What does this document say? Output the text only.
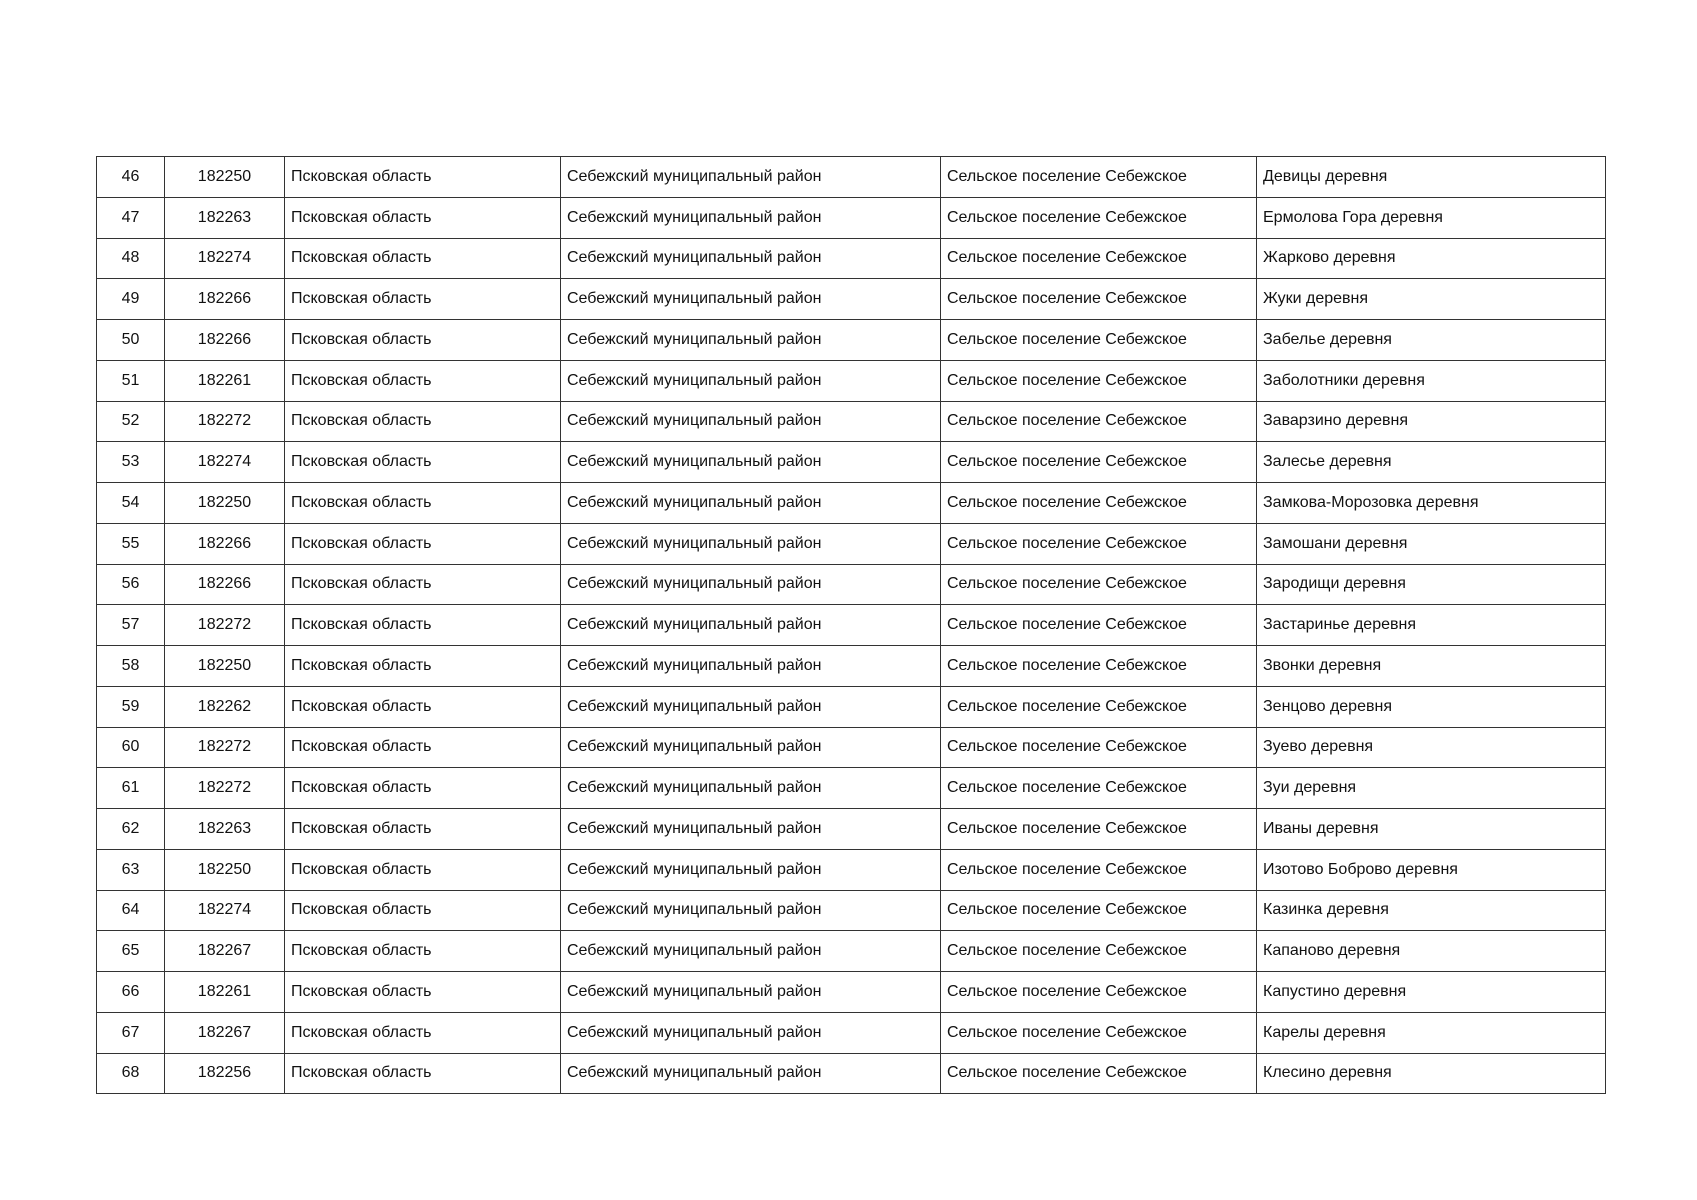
46	182250	Псковская область	Себежский муниципальный район	Сельское поселение Себежское	Девицы деревня
47	182263	Псковская область	Себежский муниципальный район	Сельское поселение Себежское	Ермолова Гора деревня
48	182274	Псковская область	Себежский муниципальный район	Сельское поселение Себежское	Жарково деревня
49	182266	Псковская область	Себежский муниципальный район	Сельское поселение Себежское	Жуки деревня
50	182266	Псковская область	Себежский муниципальный район	Сельское поселение Себежское	Забелье деревня
51	182261	Псковская область	Себежский муниципальный район	Сельское поселение Себежское	Заболотники деревня
52	182272	Псковская область	Себежский муниципальный район	Сельское поселение Себежское	Заварзино деревня
53	182274	Псковская область	Себежский муниципальный район	Сельское поселение Себежское	Залесье деревня
54	182250	Псковская область	Себежский муниципальный район	Сельское поселение Себежское	Замкова-Морозовка деревня
55	182266	Псковская область	Себежский муниципальный район	Сельское поселение Себежское	Замошани деревня
56	182266	Псковская область	Себежский муниципальный район	Сельское поселение Себежское	Зародищи деревня
57	182272	Псковская область	Себежский муниципальный район	Сельское поселение Себежское	Застаринье деревня
58	182250	Псковская область	Себежский муниципальный район	Сельское поселение Себежское	Звонки деревня
59	182262	Псковская область	Себежский муниципальный район	Сельское поселение Себежское	Зенцово деревня
60	182272	Псковская область	Себежский муниципальный район	Сельское поселение Себежское	Зуево деревня
61	182272	Псковская область	Себежский муниципальный район	Сельское поселение Себежское	Зуи деревня
62	182263	Псковская область	Себежский муниципальный район	Сельское поселение Себежское	Иваны деревня
63	182250	Псковская область	Себежский муниципальный район	Сельское поселение Себежское	Изотово Боброво деревня
64	182274	Псковская область	Себежский муниципальный район	Сельское поселение Себежское	Казинка деревня
65	182267	Псковская область	Себежский муниципальный район	Сельское поселение Себежское	Капаново деревня
66	182261	Псковская область	Себежский муниципальный район	Сельское поселение Себежское	Капустино деревня
67	182267	Псковская область	Себежский муниципальный район	Сельское поселение Себежское	Карелы деревня
68	182256	Псковская область	Себежский муниципальный район	Сельское поселение Себежское	Клесино деревня
